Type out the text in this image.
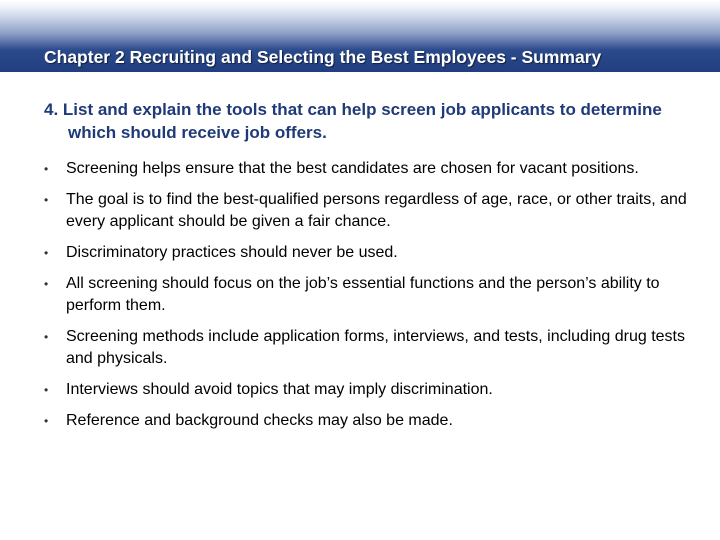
Chapter 2 Recruiting and Selecting the Best Employees - Summary

4. List and explain the tools that can help screen job applicants to determine which should receive job offers.

•	Screening helps ensure that the best candidates are chosen for vacant positions.
•	The goal is to find the best-qualified persons regardless of age, race, or other traits, and every applicant should be given a fair chance.
•	Discriminatory practices should never be used.
•	All screening should focus on the job’s essential functions and the person’s ability to perform them.
•	Screening methods include application forms, interviews, and tests, including drug tests and physicals.
•	Interviews should avoid topics that may imply discrimination.
•	Reference and background checks may also be made.
